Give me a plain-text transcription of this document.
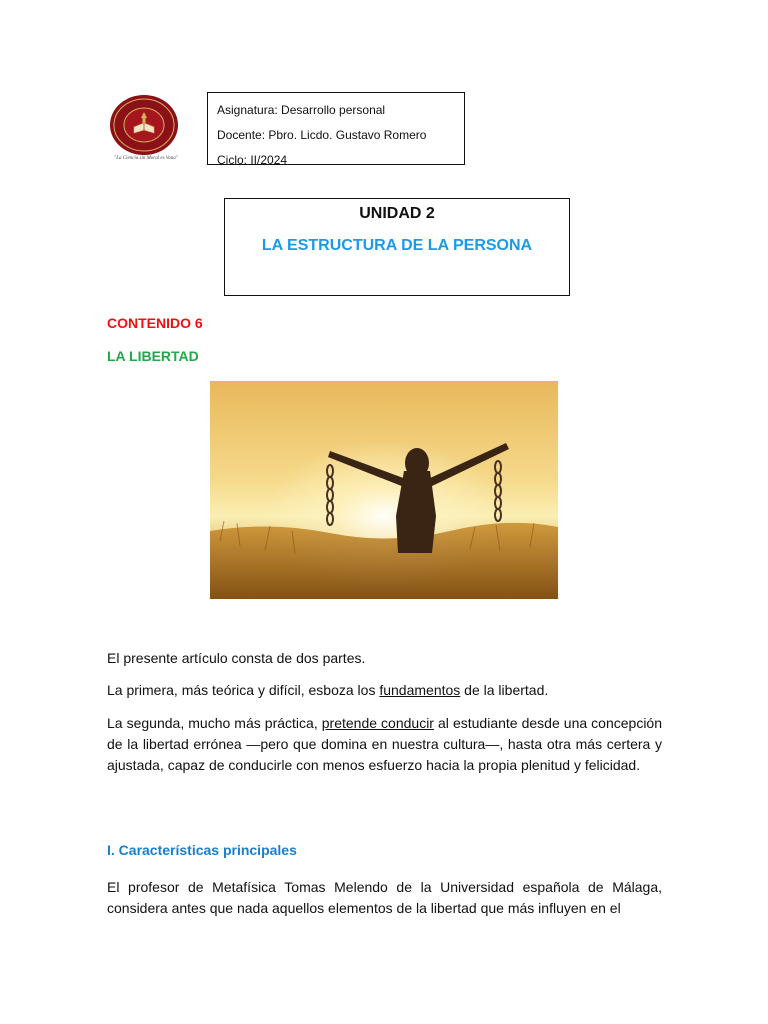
"La Ciencia sin Moral es Vana"
Asignatura: Desarrollo personal
Docente: Pbro. Licdo. Gustavo Romero
Ciclo: II/2024
UNIDAD 2
LA ESTRUCTURA DE LA PERSONA
CONTENIDO 6
LA LIBERTAD
El presente artículo consta de dos partes.
La primera, más teórica y difícil, esboza los fundamentos de la libertad.
La segunda, mucho más práctica, pretende conducir al estudiante desde una concepción de la libertad errónea —pero que domina en nuestra cultura—, hasta otra más certera y ajustada, capaz de conducirle con menos esfuerzo hacia la propia plenitud y felicidad.
I. Características principales
El profesor de Metafísica Tomas Melendo de la Universidad española de Málaga, considera antes que nada aquellos elementos de la libertad que más influyen en el
